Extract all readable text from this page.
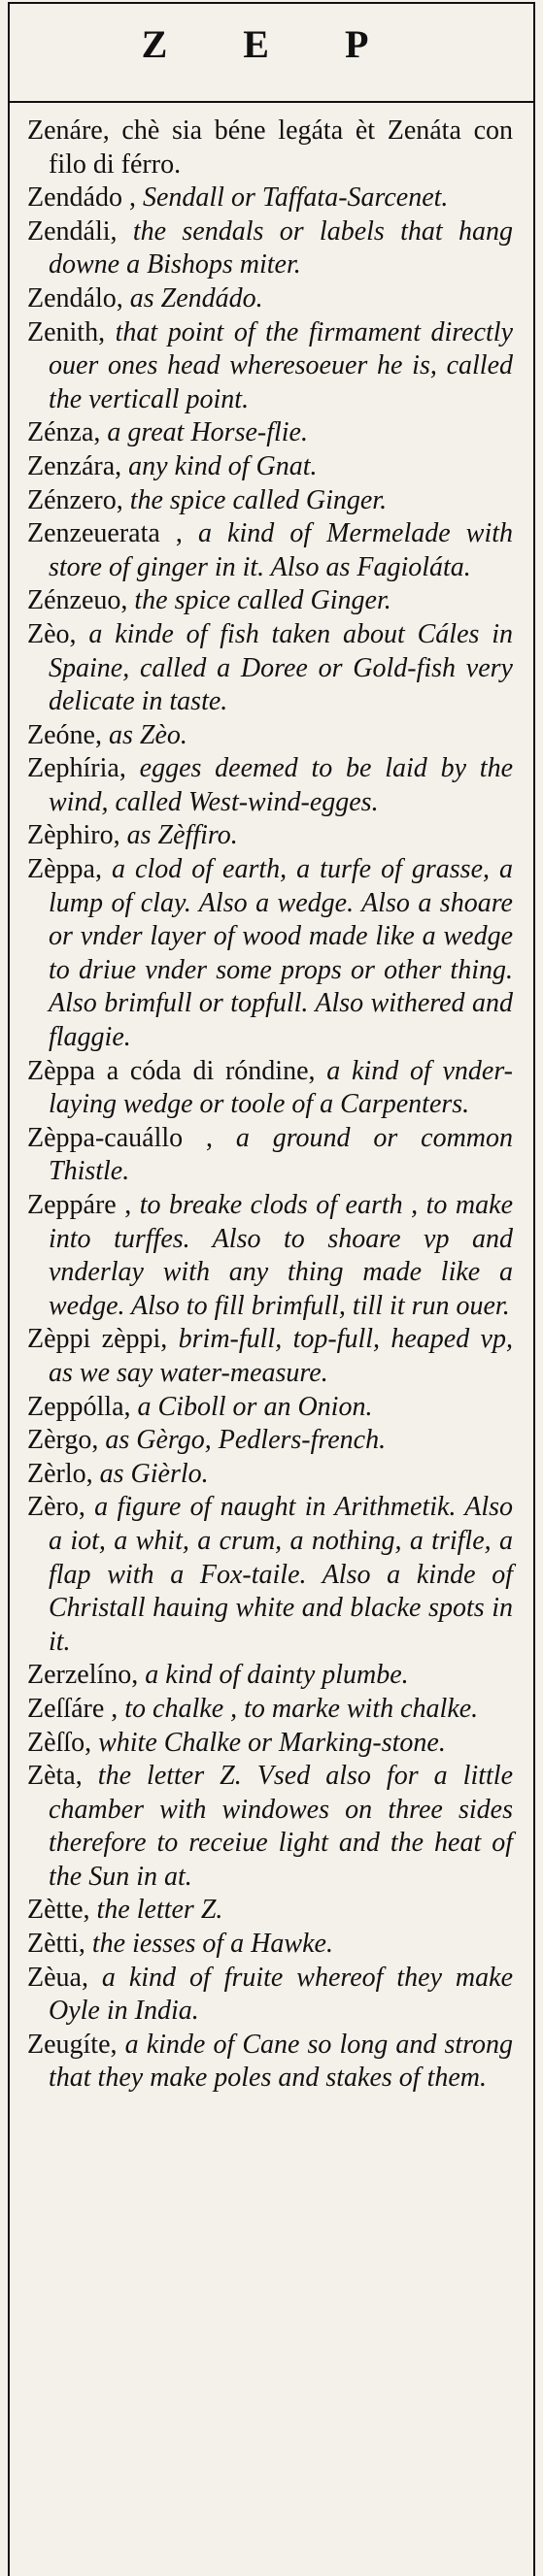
Z E P

Zenáre, chè sia béne legáta èt Zenáta con filo di férro.

Zendádo , Sendall or Taffata-Sarcenet.

Zendáli, the sendals or labels that hang downe a Bishops miter.

Zendálo, as Zendádo.

Zenith, that point of the firmament directly ouer ones head wheresoeuer he is, called the verticall point.

Zénza, a great Horse-flie.

Zenzára, any kind of Gnat.

Zénzero, the spice called Ginger.

Zenzeuerata , a kind of Mermelade with store of ginger in it. Also as Fagioláta.

Zénzeuo, the spice called Ginger.

Zèo, a kinde of fish taken about Cáles in Spaine, called a Doree or Gold-fish very delicate in taste.

Zeóne, as Zèo.

Zephíria, egges deemed to be laid by the wind, called West-wind-egges.

Zèphiro, as Zèffiro.

Zèppa, a clod of earth, a turfe of grasse, a lump of clay. Also a wedge. Also a shoare or vnder layer of wood made like a wedge to driue vnder some props or other thing. Also brimfull or topfull. Also withered and flaggie.

Zèppa a códa di róndine, a kind of vnder-laying wedge or toole of a Carpenters.

Zèppa-cauállo , a ground or common Thistle.

Zeppáre , to breake clods of earth , to make into turffes. Also to shoare vp and vnderlay with any thing made like a wedge. Also to fill brimfull, till it run ouer.

Zèppi zèppi, brim-full, top-full, heaped vp, as we say water-measure.

Zeppólla, a Ciboll or an Onion.

Zèrgo, as Gèrgo, Pedlers-french.

Zèrlo, as Gièrlo.

Zèro, a figure of naught in Arithmetik. Also a iot, a whit, a crum, a nothing, a trifle, a flap with a Fox-taile. Also a kinde of Christall hauing white and blacke spots in it.

Zerzelíno, a kind of dainty plumbe.

Zeſſáre , to chalke , to marke with chalke.

Zèſſo, white Chalke or Marking-stone.

Zèta, the letter Z. Vsed also for a little chamber with windowes on three sides therefore to receiue light and the heat of the Sun in at.

Zètte, the letter Z.

Zètti, the iesses of a Hawke.

Zèua, a kind of fruite whereof they make Oyle in India.

Zeugíte, a kinde of Cane so long and strong that they make poles and stakes of them.
